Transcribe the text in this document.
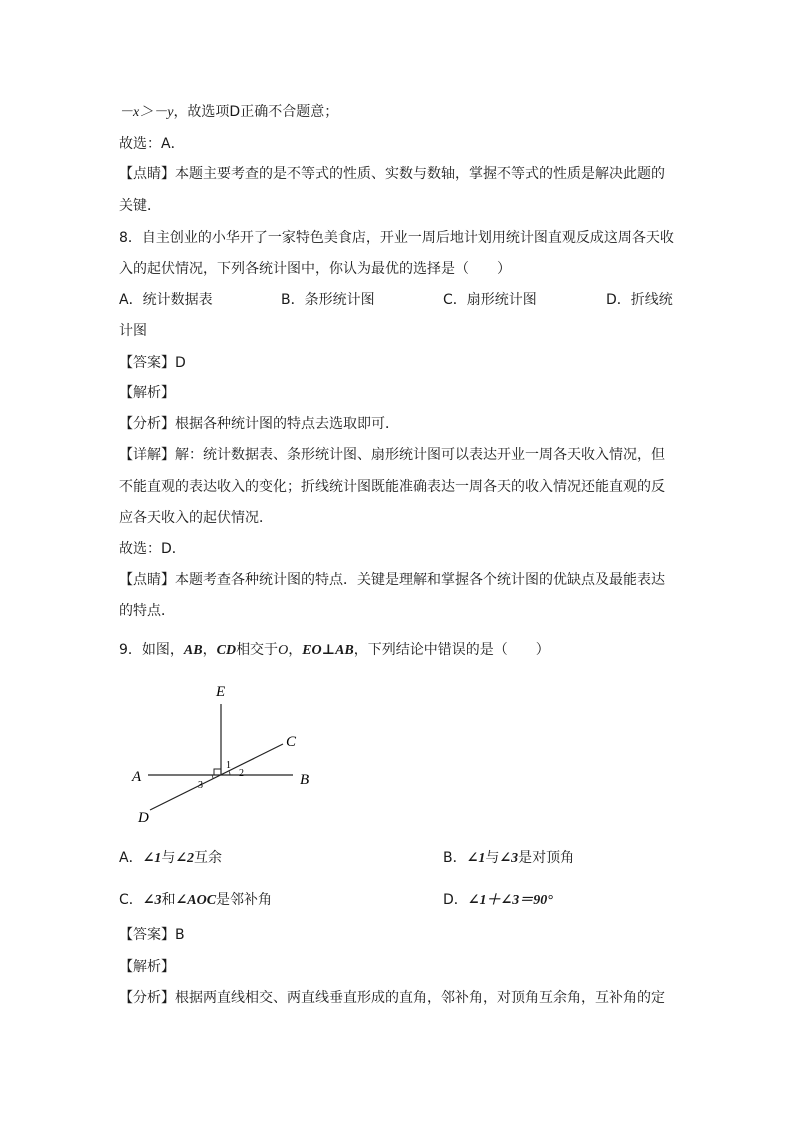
－x＞－y，故选项D正确不合题意；
故选：A．
【点睛】本题主要考查的是不等式的性质、实数与数轴，掌握不等式的性质是解决此题的
关键．
8．自主创业的小华开了一家特色美食店，开业一周后地计划用统计图直观反成这周各天收
入的起伏情况，下列各统计图中，你认为最优的选择是（　　）
A．统计数据表	B．条形统计图	C．扇形统计图	D．折线统
计图
【答案】D
【解析】
【分析】根据各种统计图的特点去选取即可．
【详解】解：统计数据表、条形统计图、扇形统计图可以表达开业一周各天收入情况，但
不能直观的表达收入的变化；折线统计图既能准确表达一周各天的收入情况还能直观的反
应各天收入的起伏情况．
故选：D．
【点睛】本题考查各种统计图的特点．关键是理解和掌握各个统计图的优缺点及最能表达
的特点．
9．如图，AB，CD相交于O，EO⊥AB，下列结论中错误的是（　　）
E
C
A	B
D
1
2
3
A．∠1与∠2互余	B．∠1与∠3是对顶角
C．∠3和∠AOC是邻补角	D．∠1＋∠3＝90°
【答案】B
【解析】
【分析】根据两直线相交、两直线垂直形成的直角，邻补角，对顶角互余角，互补角的定
